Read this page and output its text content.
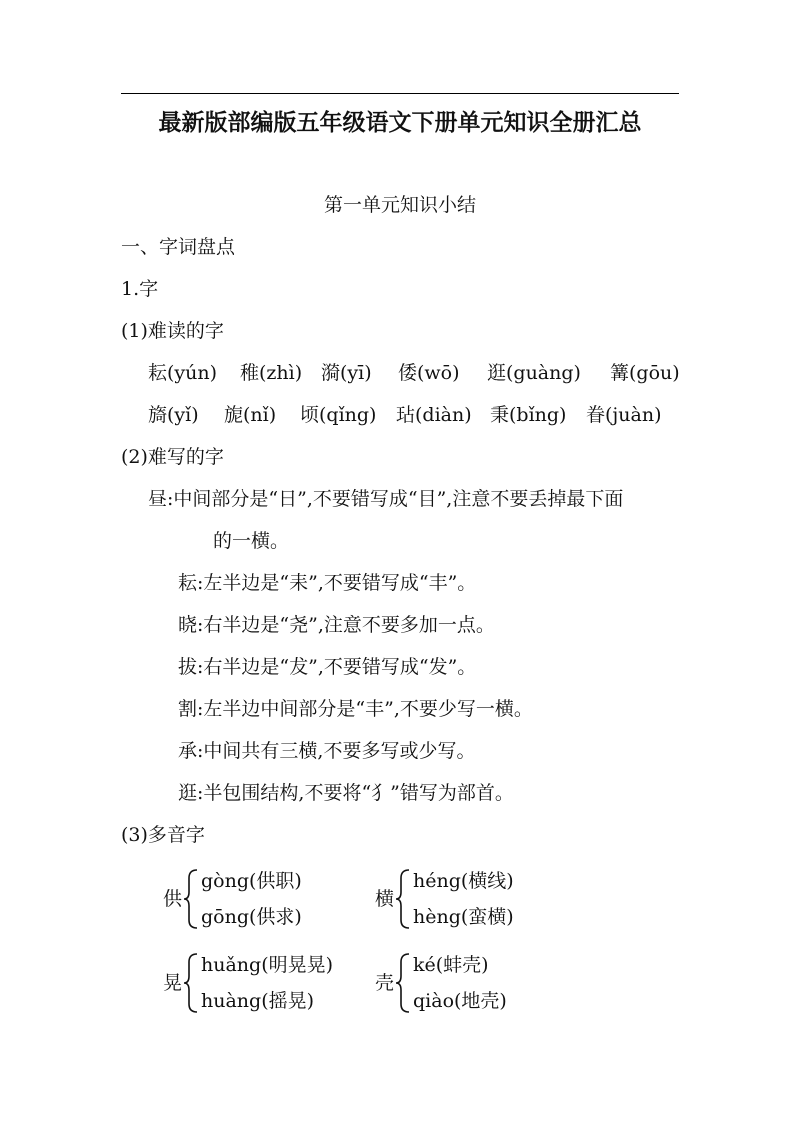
最新版部编版五年级语文下册单元知识全册汇总
第一单元知识小结
一、字词盘点
1.字
(1)难读的字
耘(yún)	稚(zhì) 漪(yī)	倭(wō)	逛(guàng)	篝(gōu)
旖(yǐ)	旎(nǐ)	顷(qǐng)	玷(diàn) 秉(bǐng)	眷(juàn)
(2)难写的字
昼:中间部分是“日”,不要错写成“目”,注意不要丢掉最下面
的一横。
耘:左半边是“耒”,不要错写成“丰”。
晓:右半边是“尧”,注意不要多加一点。
拔:右半边是“犮”,不要错写成“发”。
割:左半边中间部分是“丰”,不要少写一横。
承:中间共有三横,不要多写或少写。
逛:半包围结构,不要将“犭”错写为部首。
(3)多音字
供
gòng(供职)
gōng(供求)
横
héng(横线)
hèng(蛮横)
晃
huǎng(明晃晃)
huàng(摇晃)
壳
ké(蚌壳)
qiào(地壳)
